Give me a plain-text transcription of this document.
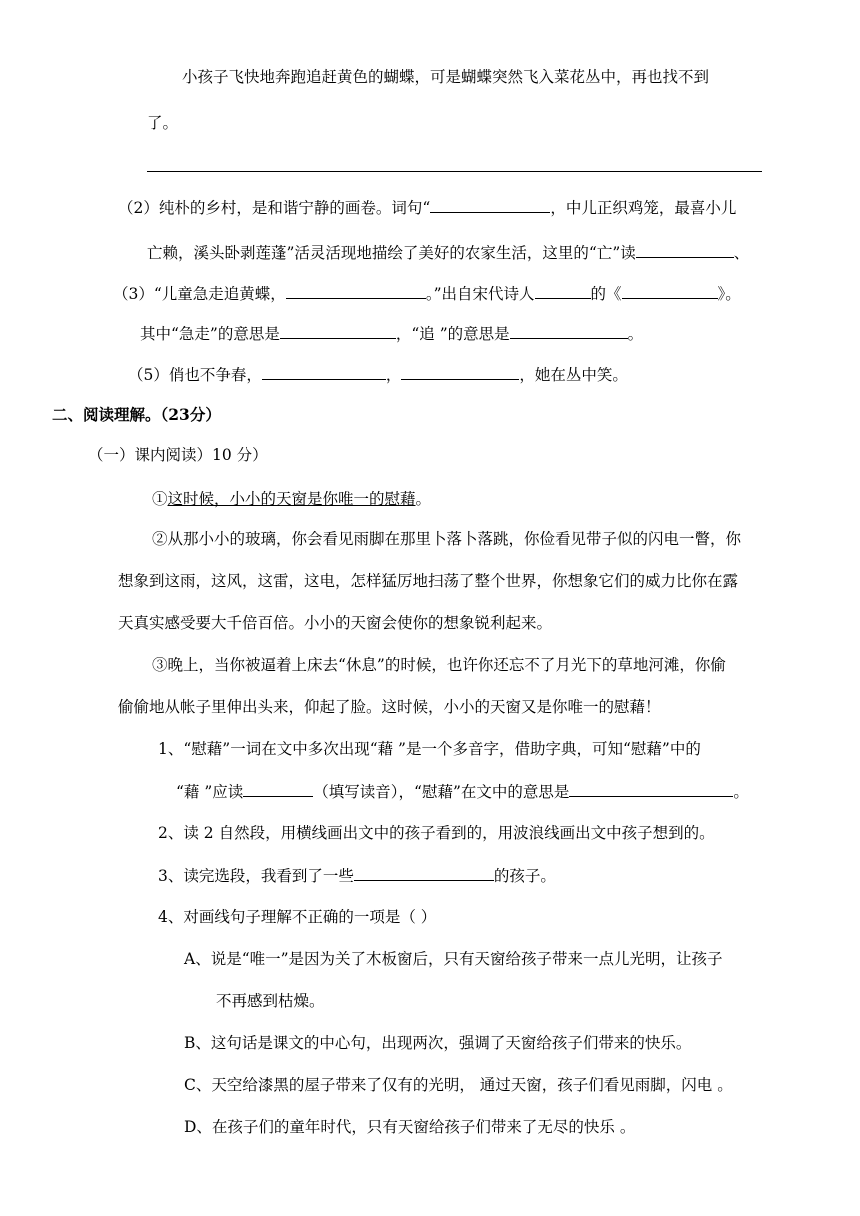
小孩子飞快地奔跑追赶黄色的蝴蝶，可是蝴蝶突然飞入菜花丛中，再也找不到
了。
（2）纯朴的乡村，是和谐宁静的画卷。词句“	，中儿正织鸡笼，最喜小儿
亡赖，溪头卧剥莲蓬”活灵活现地描绘了美好的农家生活，这里的“亡”读	、
（3）“儿童急走追黄蝶，	。”出自宋代诗人	的《	》。
其中“急走”的意思是	，“追 ”的意思是	。
（5）俏也不争春，	，	，她在丛中笑。
二、阅读理解。（23分）
（一）课内阅读）10 分）
①这时候，小小的天窗是你唯一的慰藉。
②从那小小的玻璃，你会看见雨脚在那里卜落卜落跳，你俭看见带子似的闪电一瞥，你
想象到这雨，这风，这雷，这电，怎样猛厉地扫荡了整个世界，你想象它们的威力比你在露
天真实感受要大千倍百倍。小小的天窗会使你的想象锐利起来。
③晚上，当你被逼着上床去“休息”的时候，也许你还忘不了月光下的草地河滩，你偷
偷偷地从帐子里伸出头来，仰起了脸。这时候，小小的天窗又是你唯一的慰藉！
1、“慰藉”一词在文中多次出现“藉 ”是一个多音字，借助字典，可知“慰藉”中的
“藉 ”应读	（填写读音），“慰藉”在文中的意思是	。
2、读 2 自然段，用横线画出文中的孩子看到的，用波浪线画出文中孩子想到的。
3、读完选段，我看到了一些	的孩子。
4、对画线句子理解不正确的一项是（ ）
A、说是“唯一”是因为关了木板窗后，只有天窗给孩子带来一点儿光明，让孩子
不再感到枯燥。
B、这句话是课文的中心句，出现两次，强调了天窗给孩子们带来的快乐。
C、天空给漆黑的屋子带来了仅有的光明， 通过天窗，孩子们看见雨脚，闪电 。
D、在孩子们的童年时代，只有天窗给孩子们带来了无尽的快乐 。
